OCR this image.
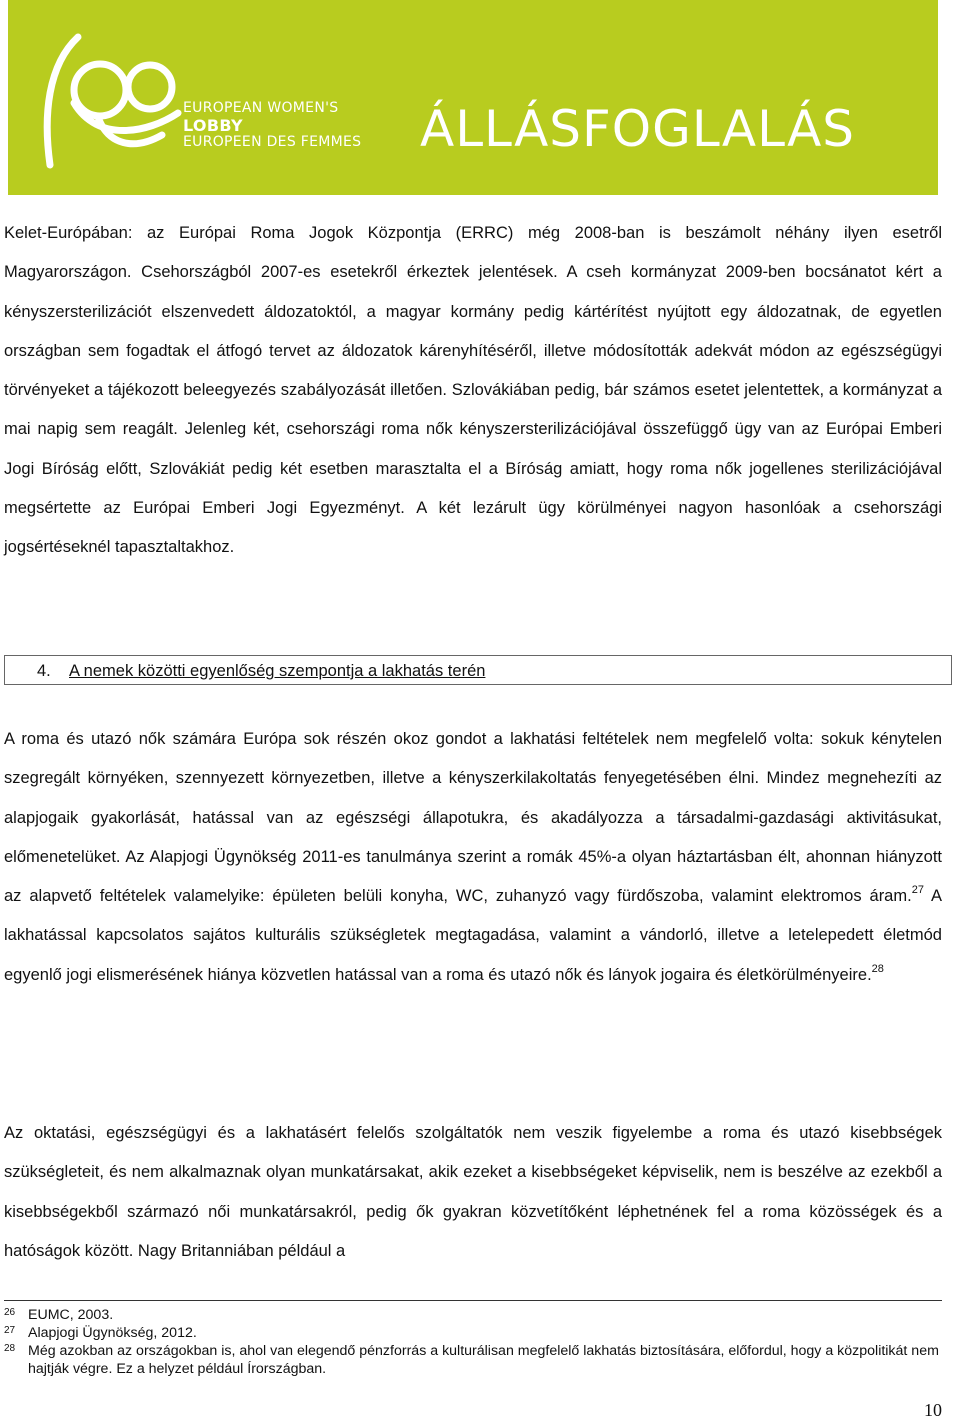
EUROPEAN WOMEN'S
LOBBY
EUROPEEN DES FEMMES ÁLLÁSFOGLALÁS

Kelet-Európában: az Európai Roma Jogok Központja (ERRC) még 2008-ban is beszámolt néhány ilyen esetről Magyarországon. Csehországból 2007-es esetekről érkeztek jelentések. A cseh kormányzat 2009-ben bocsánatot kért a kényszersterilizációt elszenvedett áldozatoktól, a magyar kormány pedig kártérítést nyújtott egy áldozatnak, de egyetlen országban sem fogadtak el átfogó tervet az áldozatok kárenyhítéséről, illetve módosították adekvát módon az egészségügyi törvényeket a tájékozott beleegyezés szabályozását illetően. Szlovákiában pedig, bár számos esetet jelentettek, a kormányzat a mai napig sem reagált. Jelenleg két, csehországi roma nők kényszersterilizációjával összefüggő ügy van az Európai Emberi Jogi Bíróság előtt, Szlovákiát pedig két esetben marasztalta el a Bíróság amiatt, hogy roma nők jogellenes sterilizációjával megsértette az Európai Emberi Jogi Egyezményt. A két lezárult ügy körülményei nagyon hasonlóak a csehországi jogsértéseknél tapasztaltakhoz.

4. A nemek közötti egyenlőség szempontja a lakhatás terén

A roma és utazó nők számára Európa sok részén okoz gondot a lakhatási feltételek nem megfelelő volta: sokuk kénytelen szegregált környéken, szennyezett környezetben, illetve a kényszerkilakoltatás fenyegetésében élni. Mindez megnehezíti az alapjogaik gyakorlását, hatással van az egészségi állapotukra, és akadályozza a társadalmi-gazdasági aktivitásukat, előmenetelüket. Az Alapjogi Ügynökség 2011-es tanulmánya szerint a romák 45%-a olyan háztartásban élt, ahonnan hiányzott az alapvető feltételek valamelyike: épületen belüli konyha, WC, zuhanyzó vagy fürdőszoba, valamint elektromos áram.$^{27}$ A lakhatással kapcsolatos sajátos kulturális szükségletek megtagadása, valamint a vándorló, illetve a letelepedett életmód egyenlő jogi elismerésének hiánya közvetlen hatással van a roma és utazó nők és lányok jogaira és életkörülményeire.$^{28}$

Az oktatási, egészségügyi és a lakhatásért felelős szolgáltatók nem veszik figyelembe a roma és utazó kisebbségek szükségleteit, és nem alkalmaznak olyan munkatársakat, akik ezeket a kisebbségeket képviselik, nem is beszélve az ezekből a kisebbségekből származó női munkatársakról, pedig ők gyakran közvetítőként léphetnének fel a roma közösségek és a hatóságok között. Nagy Britanniában például a

26 EUMC, 2003.
27 Alapjogi Ügynökség, 2012.
28 Még azokban az országokban is, ahol van elegendő pénzforrás a kulturálisan megfelelő lakhatás biztosítására, előfordul, hogy a közpolitikát nem hajtják végre. Ez a helyzet például Írországban.
10
